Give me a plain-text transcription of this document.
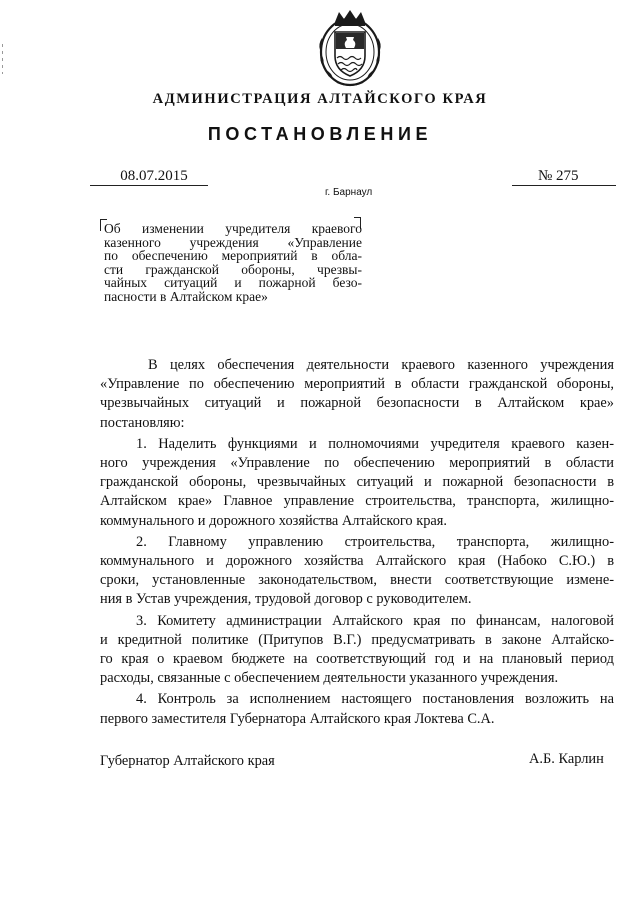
АДМИНИСТРАЦИЯ АЛТАЙСКОГО КРАЯ
ПОСТАНОВЛЕНИЕ
08.07.2015	№ 275
г. Барнаул
Об изменении учредителя краевого
казенного учреждения «Управление
по обеспечению мероприятий в обла-
сти гражданской обороны, чрезвы-
чайных ситуаций и пожарной безо-
пасности в Алтайском крае»
В целях обеспечения деятельности краевого казенного учреждения
«Управление по обеспечению мероприятий в области гражданской обороны,
чрезвычайных ситуаций и пожарной безопасности в Алтайском крае»
постановляю:
1. Наделить функциями и полномочиями учредителя краевого казен-
ного учреждения «Управление по обеспечению мероприятий в области
гражданской обороны, чрезвычайных ситуаций и пожарной безопасности в
Алтайском крае» Главное управление строительства, транспорта, жилищно-
коммунального и дорожного хозяйства Алтайского края.
2. Главному управлению строительства, транспорта, жилищно-
коммунального и дорожного хозяйства Алтайского края (Набоко С.Ю.) в
сроки, установленные законодательством, внести соответствующие измене-
ния в Устав учреждения, трудовой договор с руководителем.
3. Комитету администрации Алтайского края по финансам, налоговой
и кредитной политике (Притупов В.Г.) предусматривать в законе Алтайско-
го края о краевом бюджете на соответствующий год и на плановый период
расходы, связанные с обеспечением деятельности указанного учреждения.
4. Контроль за исполнением настоящего постановления возложить на
первого заместителя Губернатора Алтайского края Локтева С.А.
Губернатор Алтайского края	А.Б. Карлин
